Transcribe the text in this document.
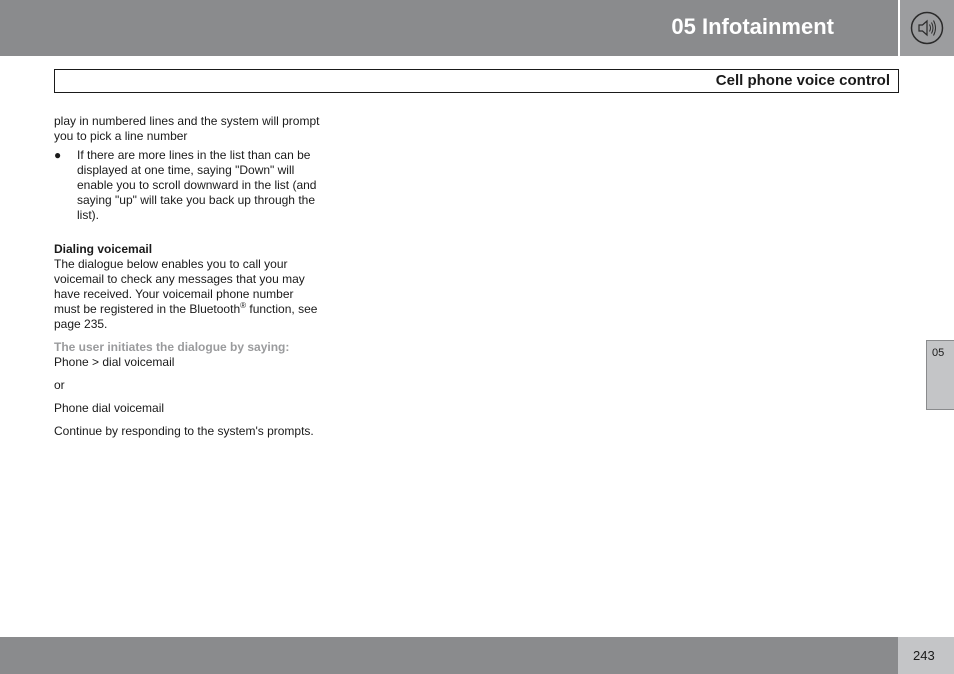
05 Infotainment
Cell phone voice control

play in numbered lines and the system will prompt you to pick a line number

● If there are more lines in the list than can be displayed at one time, saying "Down" will enable you to scroll downward in the list (and saying "up" will take you back up through the list).
Dialing voicemail

The dialogue below enables you to call your voicemail to check any messages that you may have received. Your voicemail phone number must be registered in the Bluetooth® function, see page 235.

The user initiates the dialogue by saying:

Phone > dial voicemail

or

Phone dial voicemail

Continue by responding to the system's prompts.

05
243
